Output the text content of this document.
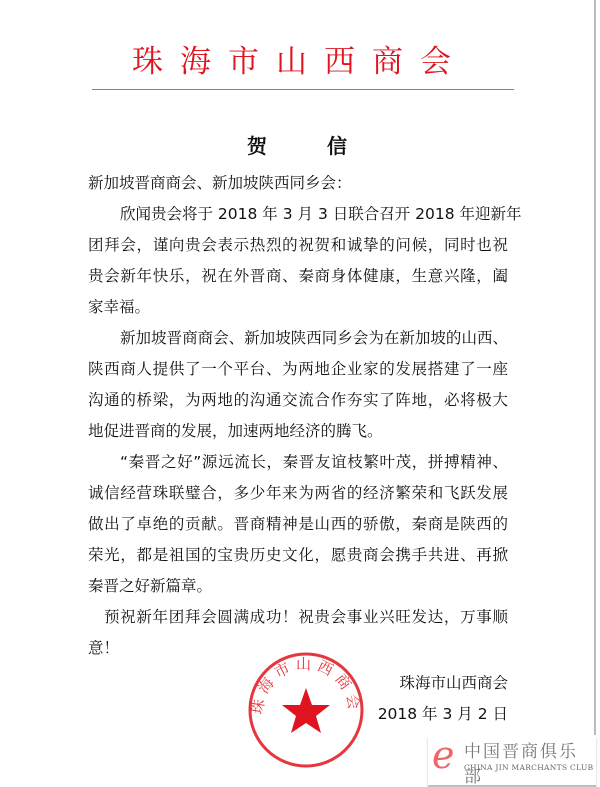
珠海市山西商会
贺	信
新加坡晋商商会、新加坡陕西同乡会：
欣闻贵会将于 2018 年 3 月 3 日联合召开 2018 年迎新年
团拜会，谨向贵会表示热烈的祝贺和诚挚的问候，同时也祝
贵会新年快乐，祝在外晋商、秦商身体健康，生意兴隆，阖
家幸福。
新加坡晋商商会、新加坡陕西同乡会为在新加坡的山西、
陕西商人提供了一个平台、为两地企业家的发展搭建了一座
沟通的桥梁，为两地的沟通交流合作夯实了阵地，必将极大
地促进晋商的发展，加速两地经济的腾飞。
“秦晋之好”源远流长，秦晋友谊枝繁叶茂，拼搏精神、
诚信经营珠联璧合，多少年来为两省的经济繁荣和飞跃发展
做出了卓绝的贡献。晋商精神是山西的骄傲，秦商是陕西的
荣光，都是祖国的宝贵历史文化，愿贵商会携手共进、再掀
秦晋之好新篇章。
预祝新年团拜会圆满成功！祝贵会事业兴旺发达，万事顺
意！
珠海市山西商会
珠海市山西商会
2018 年 3 月 2 日
e 中国晋商俱乐部
CHINA JIN MARCHANTS CLUB
